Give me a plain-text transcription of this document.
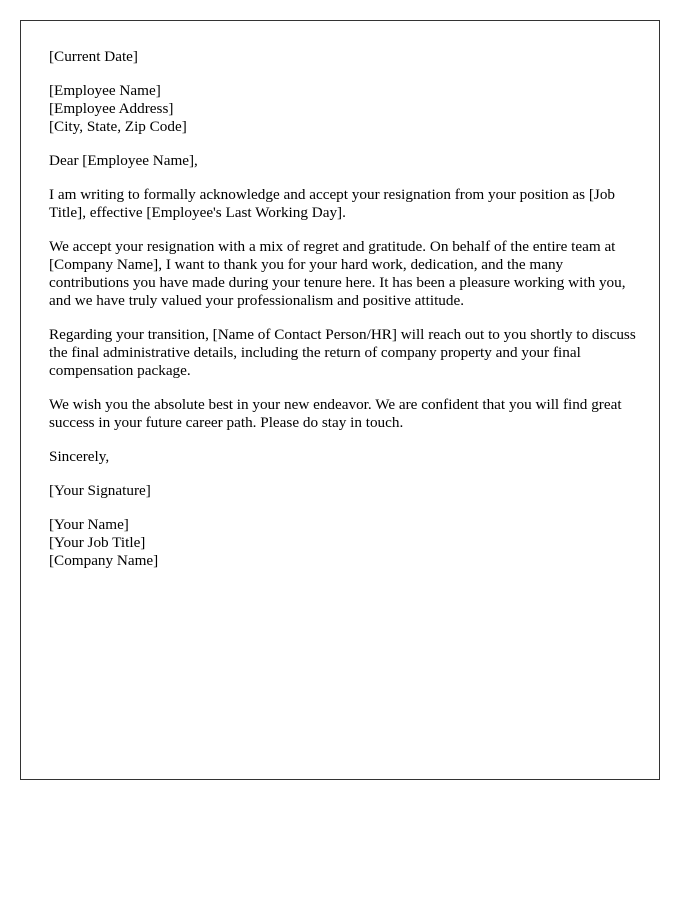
[Current Date]

[Employee Name]
[Employee Address]
[City, State, Zip Code]

Dear [Employee Name],

I am writing to formally acknowledge and accept your resignation from your position as [Job Title], effective [Employee's Last Working Day].

We accept your resignation with a mix of regret and gratitude. On behalf of the entire team at [Company Name], I want to thank you for your hard work, dedication, and the many contributions you have made during your tenure here. It has been a pleasure working with you, and we have truly valued your professionalism and positive attitude.

Regarding your transition, [Name of Contact Person/HR] will reach out to you shortly to discuss the final administrative details, including the return of company property and your final compensation package.

We wish you the absolute best in your new endeavor. We are confident that you will find great success in your future career path. Please do stay in touch.

Sincerely,

[Your Signature]

[Your Name]
[Your Job Title]
[Company Name]
